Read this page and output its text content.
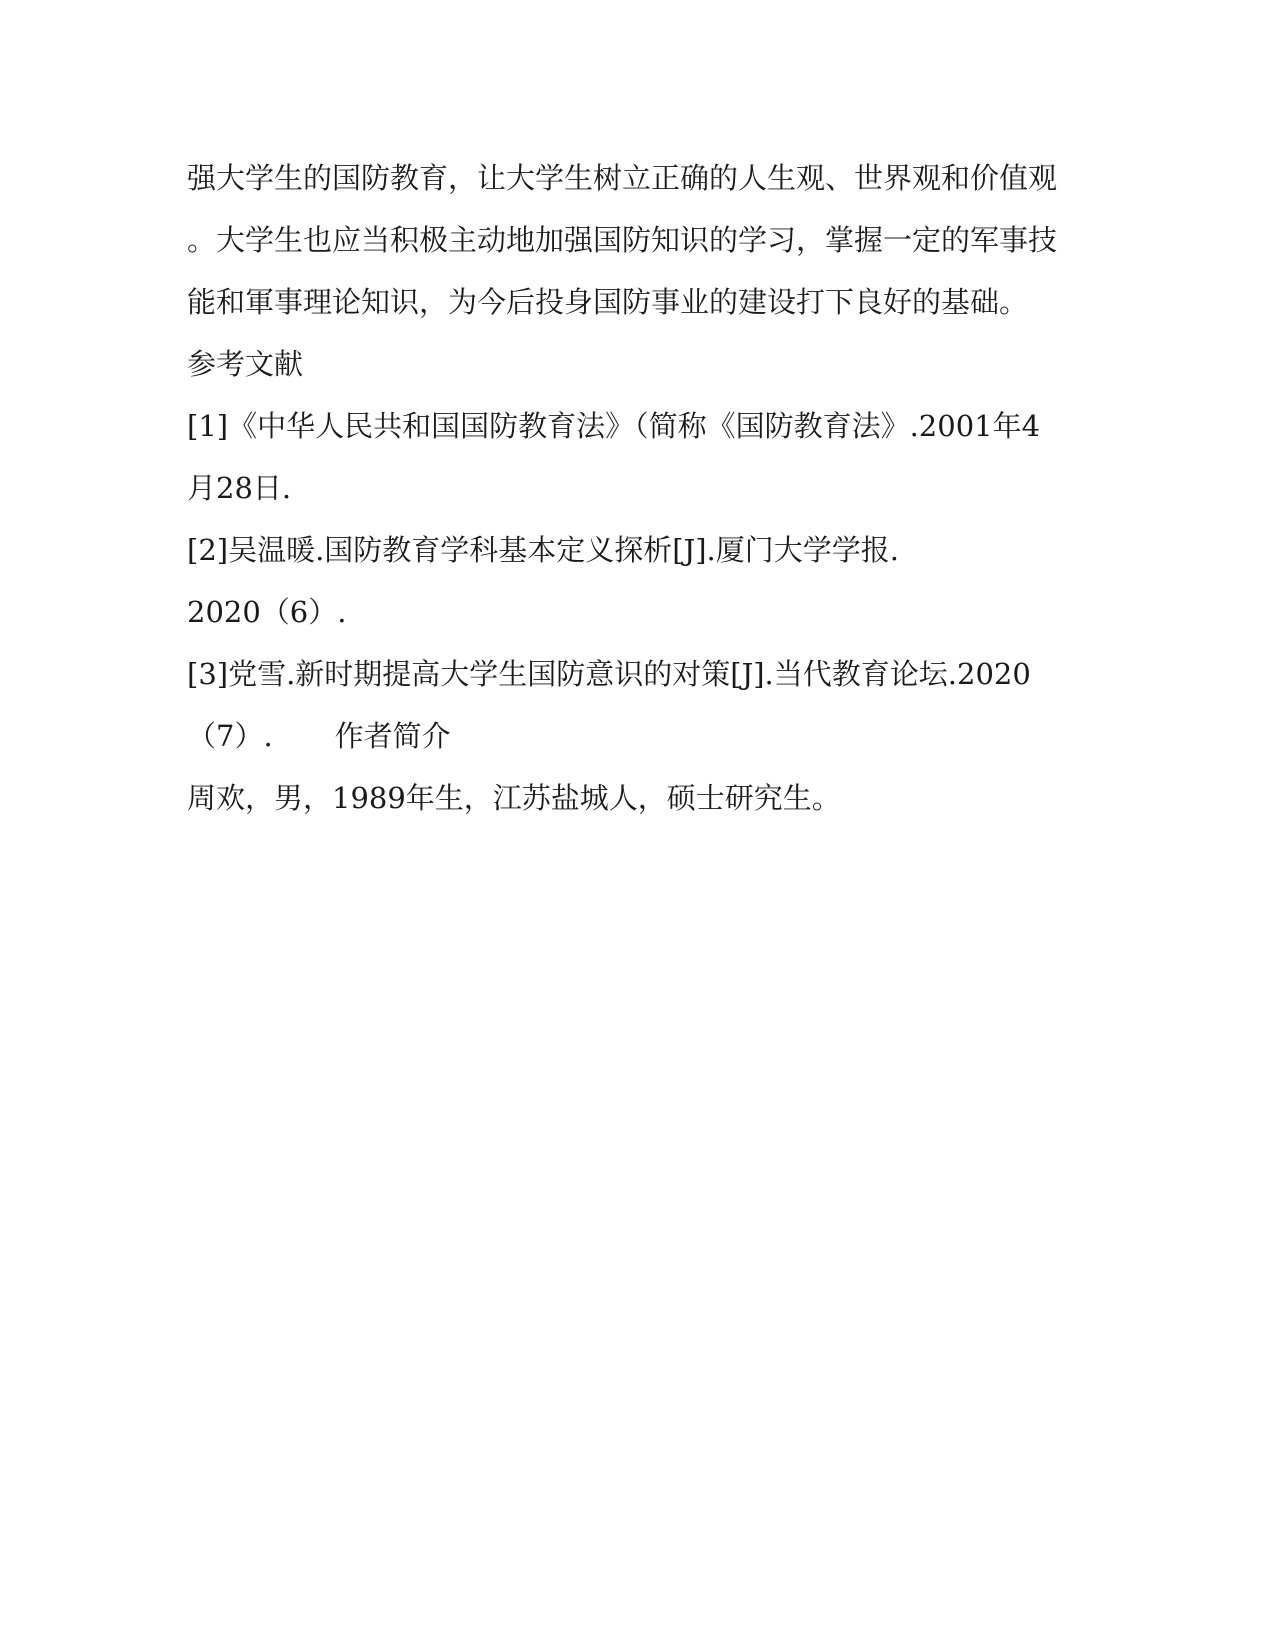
强大学生的国防教育，让大学生树立正确的人生观、世界观和价值观
。大学生也应当积极主动地加强国防知识的学习，掌握一定的军事技
能和軍事理论知识，为今后投身国防事业的建设打下良好的基础。
参考文献
[1]《中华人民共和国国防教育法》（简称《国防教育法》.2001年4
月28日.
[2]吴温暖.国防教育学科基本定义探析[J].厦门大学学报.
2020（6）.
[3]党雪.新时期提高大学生国防意识的对策[J].当代教育论坛.2020
（7）. 作者简介
周欢，男，1989年生，江苏盐城人，硕士研究生。
